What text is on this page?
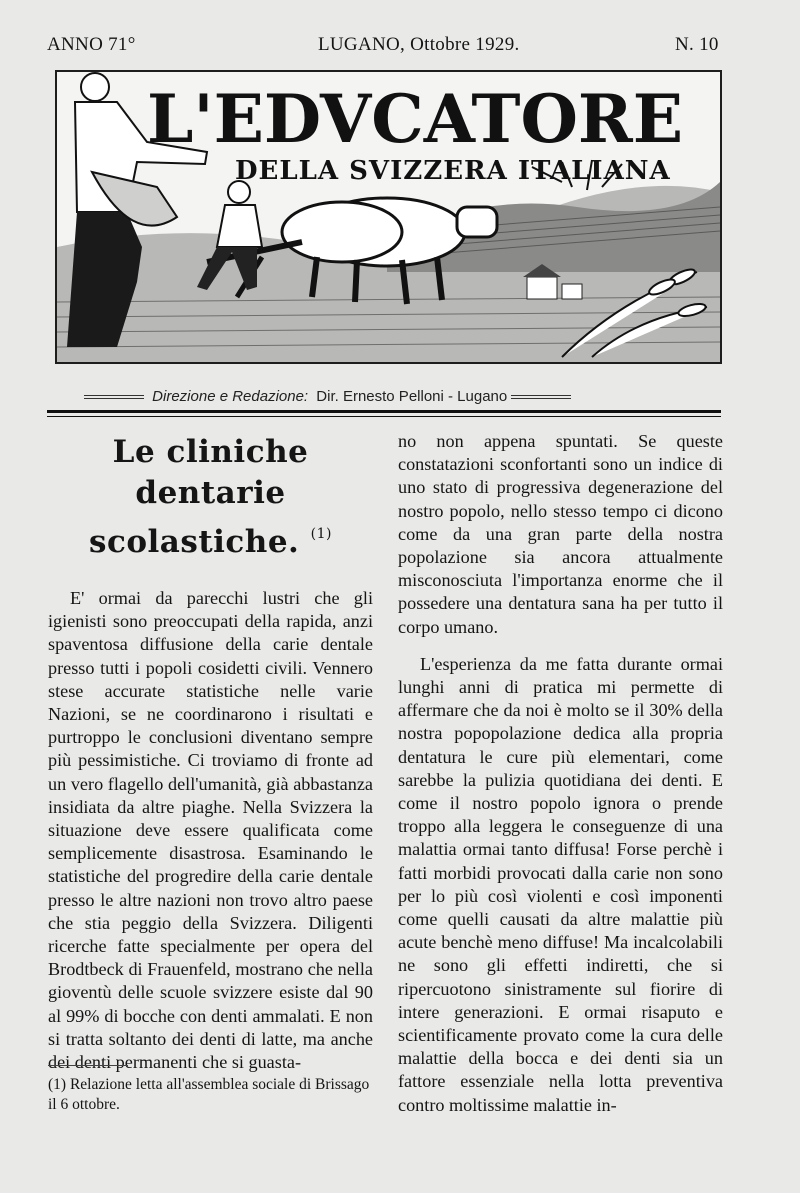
ANNO 71°	LUGANO, Ottobre 1929.	N. 10
L'EDVCATORE
DELLA SVIZZERA ITALIANA
Direzione e Redazione: Dir. Ernesto Pelloni - Lugano
Le cliniche dentarie scolastiche. $^{(1)}$

E' ormai da parecchi lustri che gli igienisti sono preoccupati della rapida, anzi spaventosa diffusione della carie dentale presso tutti i popoli cosidetti civili. Vennero stese accurate statistiche nelle varie Nazioni, se ne coordinarono i risultati e purtroppo le conclusioni diventano sempre più pessimistiche. Ci troviamo di fronte ad un vero flagello dell'umanità, già abbastanza insidiata da altre piaghe. Nella Svizzera la situazione deve essere qualificata come semplicemente disastrosa. Esaminando le statistiche del progredire della carie dentale presso le altre nazioni non trovo altro paese che stia peggio della Svizzera. Diligenti ricerche fatte specialmente per opera del Brodtbeck di Frauenfeld, mostrano che nella gioventù delle scuole svizzere esiste dal 90 al 99% di bocche con denti ammalati. E non si tratta soltanto dei denti di latte, ma anche dei denti permanenti che si guasta-

no non appena spuntati. Se queste constatazioni sconfortanti sono un indice di uno stato di progressiva degenerazione del nostro popolo, nello stesso tempo ci dicono come da una gran parte della nostra popolazione sia ancora attualmente misconosciuta l'importanza enorme che il possedere una dentatura sana ha per tutto il corpo umano.

L'esperienza da me fatta durante ormai lunghi anni di pratica mi permette di affermare che da noi è molto se il 30% della nostra popopolazione dedica alla propria dentatura le cure più elementari, come sarebbe la pulizia quotidiana dei denti. E come il nostro popolo ignora o prende troppo alla leggera le conseguenze di una malattia ormai tanto diffusa! Forse perchè i fatti morbidi provocati dalla carie non sono per lo più così violenti e così imponenti come quelli causati da altre malattie più acute benchè meno diffuse! Ma incalcolabili ne sono gli effetti indiretti, che si ripercuotono sinistramente sul fiorire di intere generazioni. E ormai risaputo e scientificamente provato come la cura delle malattie della bocca e dei denti sia un fattore essenziale nella lotta preventiva contro moltissime malattie in-

(1) Relazione letta all'assemblea sociale di Brissago il 6 ottobre.
